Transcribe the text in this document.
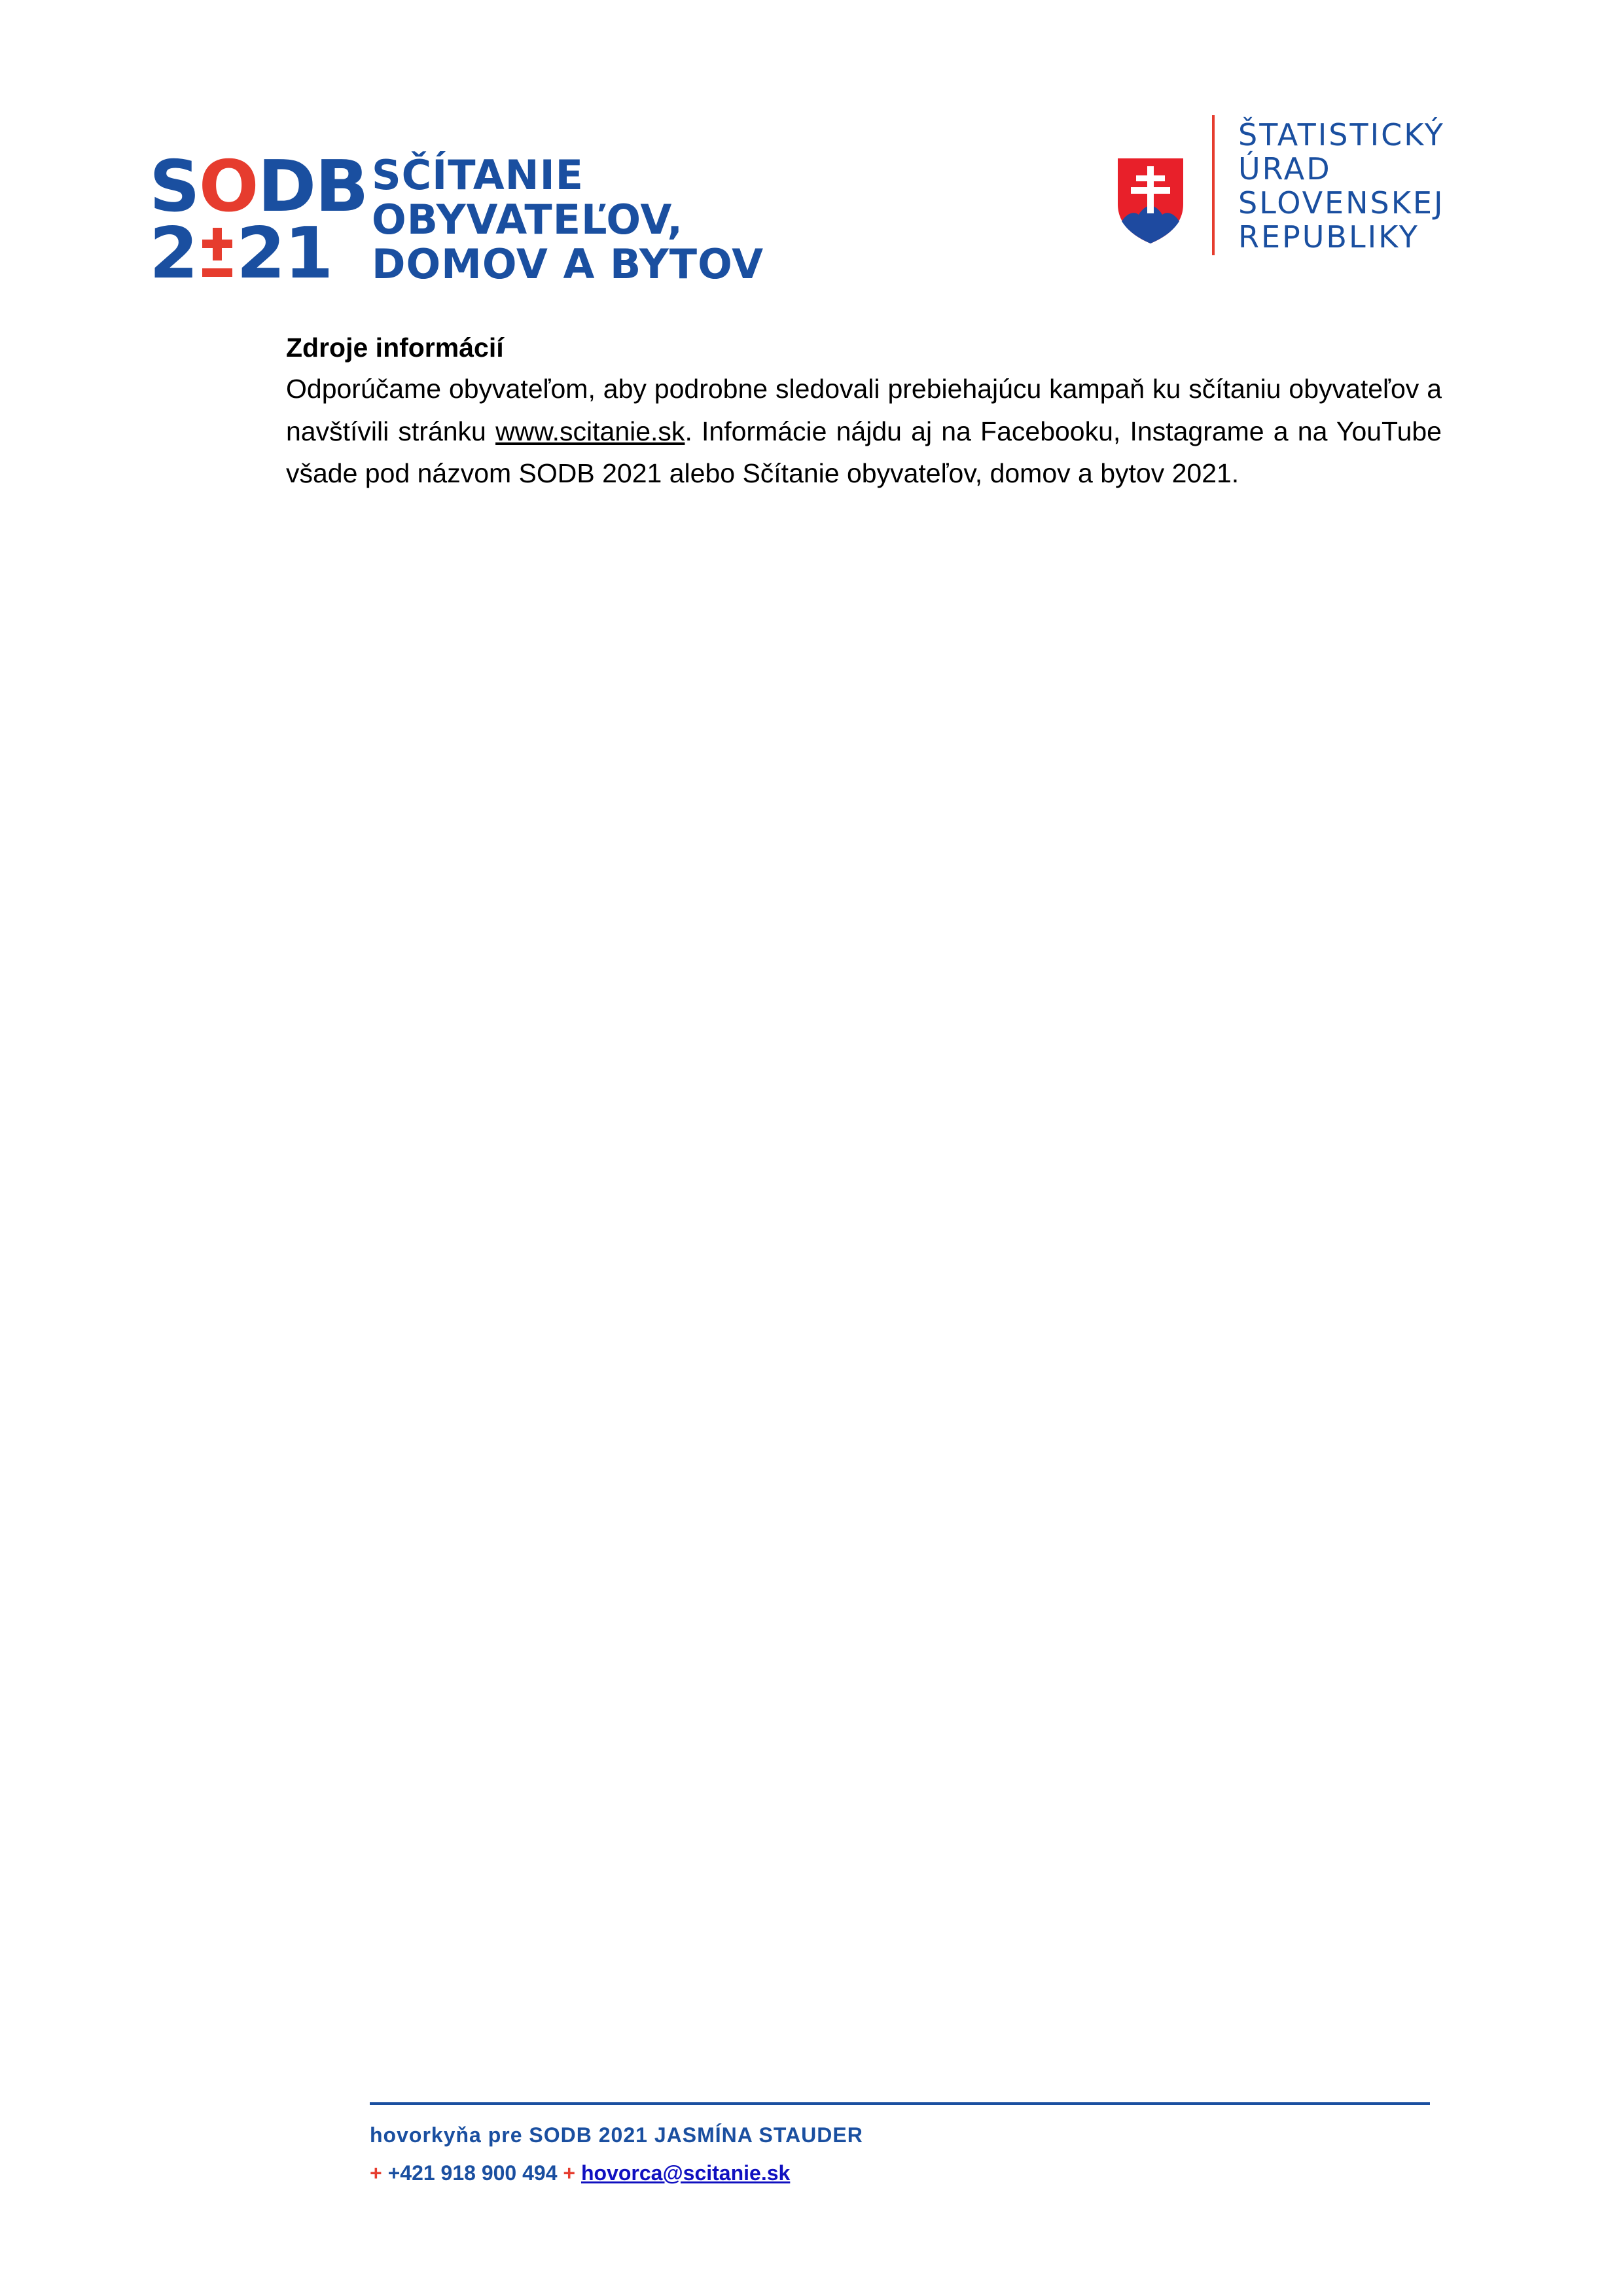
SODB
2 21
SČÍTANIE
OBYVATEĽOV,
DOMOV A BYTOV
ŠTATISTICKÝ
ÚRAD
SLOVENSKEJ
REPUBLIKY

Zdroje informácií

Odporúčame obyvateľom, aby podrobne sledovali prebiehajúcu kampaň ku sčítaniu obyvateľov a navštívili stránku www.scitanie.sk. Informácie nájdu aj na Facebooku, Instagrame a na YouTube všade pod názvom SODB 2021 alebo Sčítanie obyvateľov, domov a bytov 2021.

hovorkyňa pre SODB 2021 JASMÍNA STAUDER
+ +421 918 900 494 + hovorca@scitanie.sk
